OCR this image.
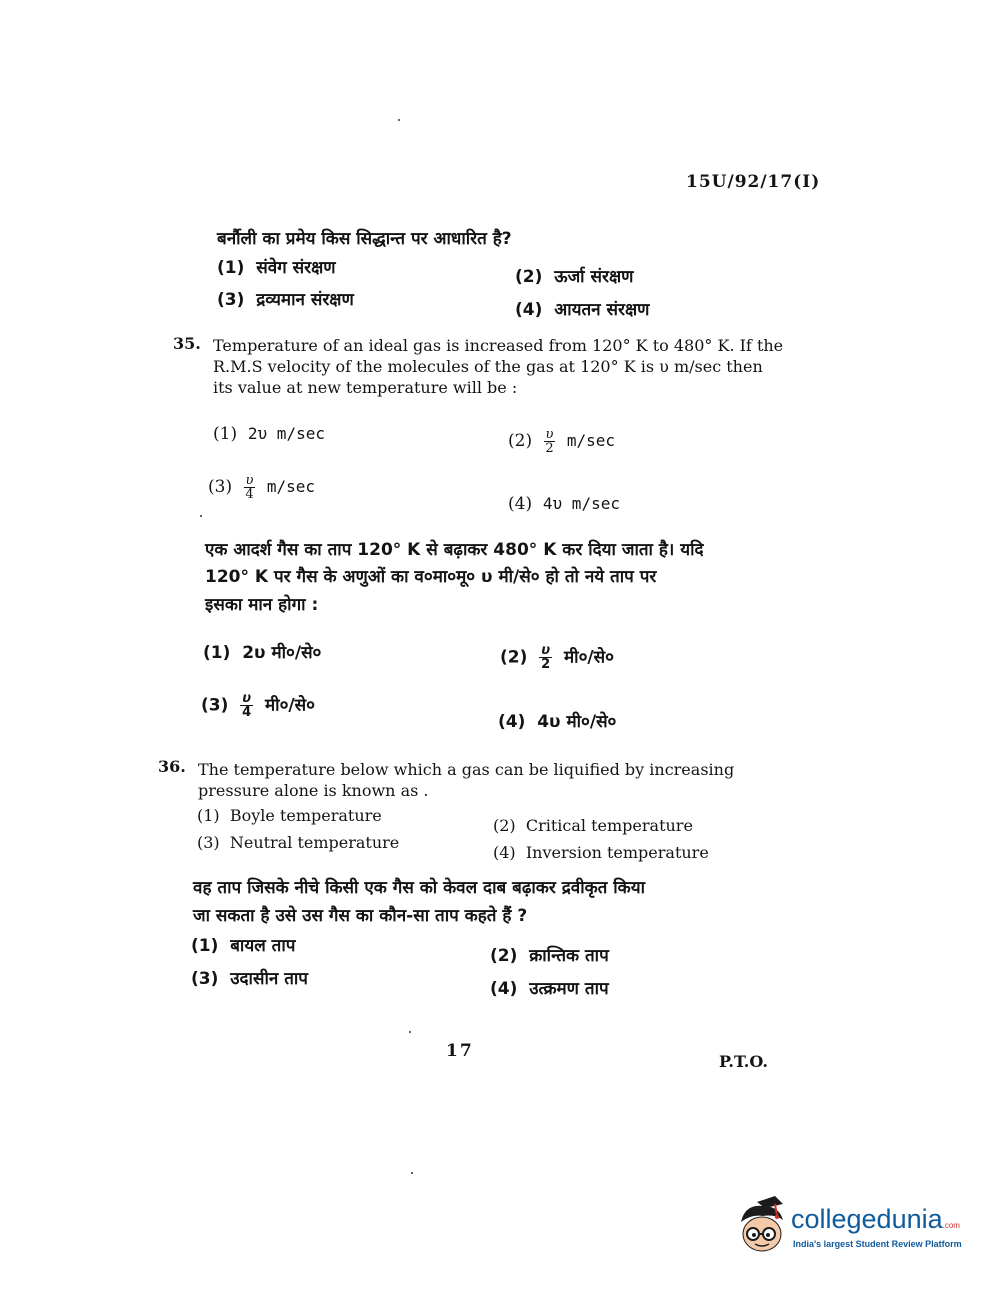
15U/92/17(I)
बर्नौली का प्रमेय किस सिद्धान्त पर आधारित है?
(1) संवेग संरक्षण	(2) ऊर्जा संरक्षण
(3) द्रव्यमान संरक्षण	(4) आयतन संरक्षण
35. Temperature of an ideal gas is increased from 120° K to 480° K. If the
R.M.S velocity of the molecules of the gas at 120° K is υ m/sec then
its value at new temperature will be :
(1) 2υ m/sec	$(2) \frac{\upsilon}{2} m/\sec$
$(3) \frac{\upsilon}{4} m/\sec$
(4) 4υ m/sec
एक आदर्श गैस का ताप 120° K से बढ़ाकर 480° K कर दिया जाता है। यदि
120° K पर गैस के अणुओं का व०मा०मू० υ मी/से० हो तो नये ताप पर
इसका मान होगा :
(1) 2υ मी०/से०	$(2) \frac{\upsilon}{2}$ मी०/से०
$(3) \frac{\upsilon}{4}$ मी०/से०
(4) 4υ मी०/से०
36. The temperature below which a gas can be liquified by increasing
pressure alone is known as .
(1) Boyle temperature
(2) Critical temperature
(3) Neutral temperature
(4) Inversion temperature
वह ताप जिसके नीचे किसी एक गैस को केवल दाब बढ़ाकर द्रवीकृत किया
जा सकता है उसे उस गैस का कौन-सा ताप कहते हैं ?
(1) बायल ताप	(2) क्रान्तिक ताप
(3) उदासीन ताप	(4) उत्क्रमण ताप
17
P.T.O.
collegedunia.com
India's largest Student Review Platform
